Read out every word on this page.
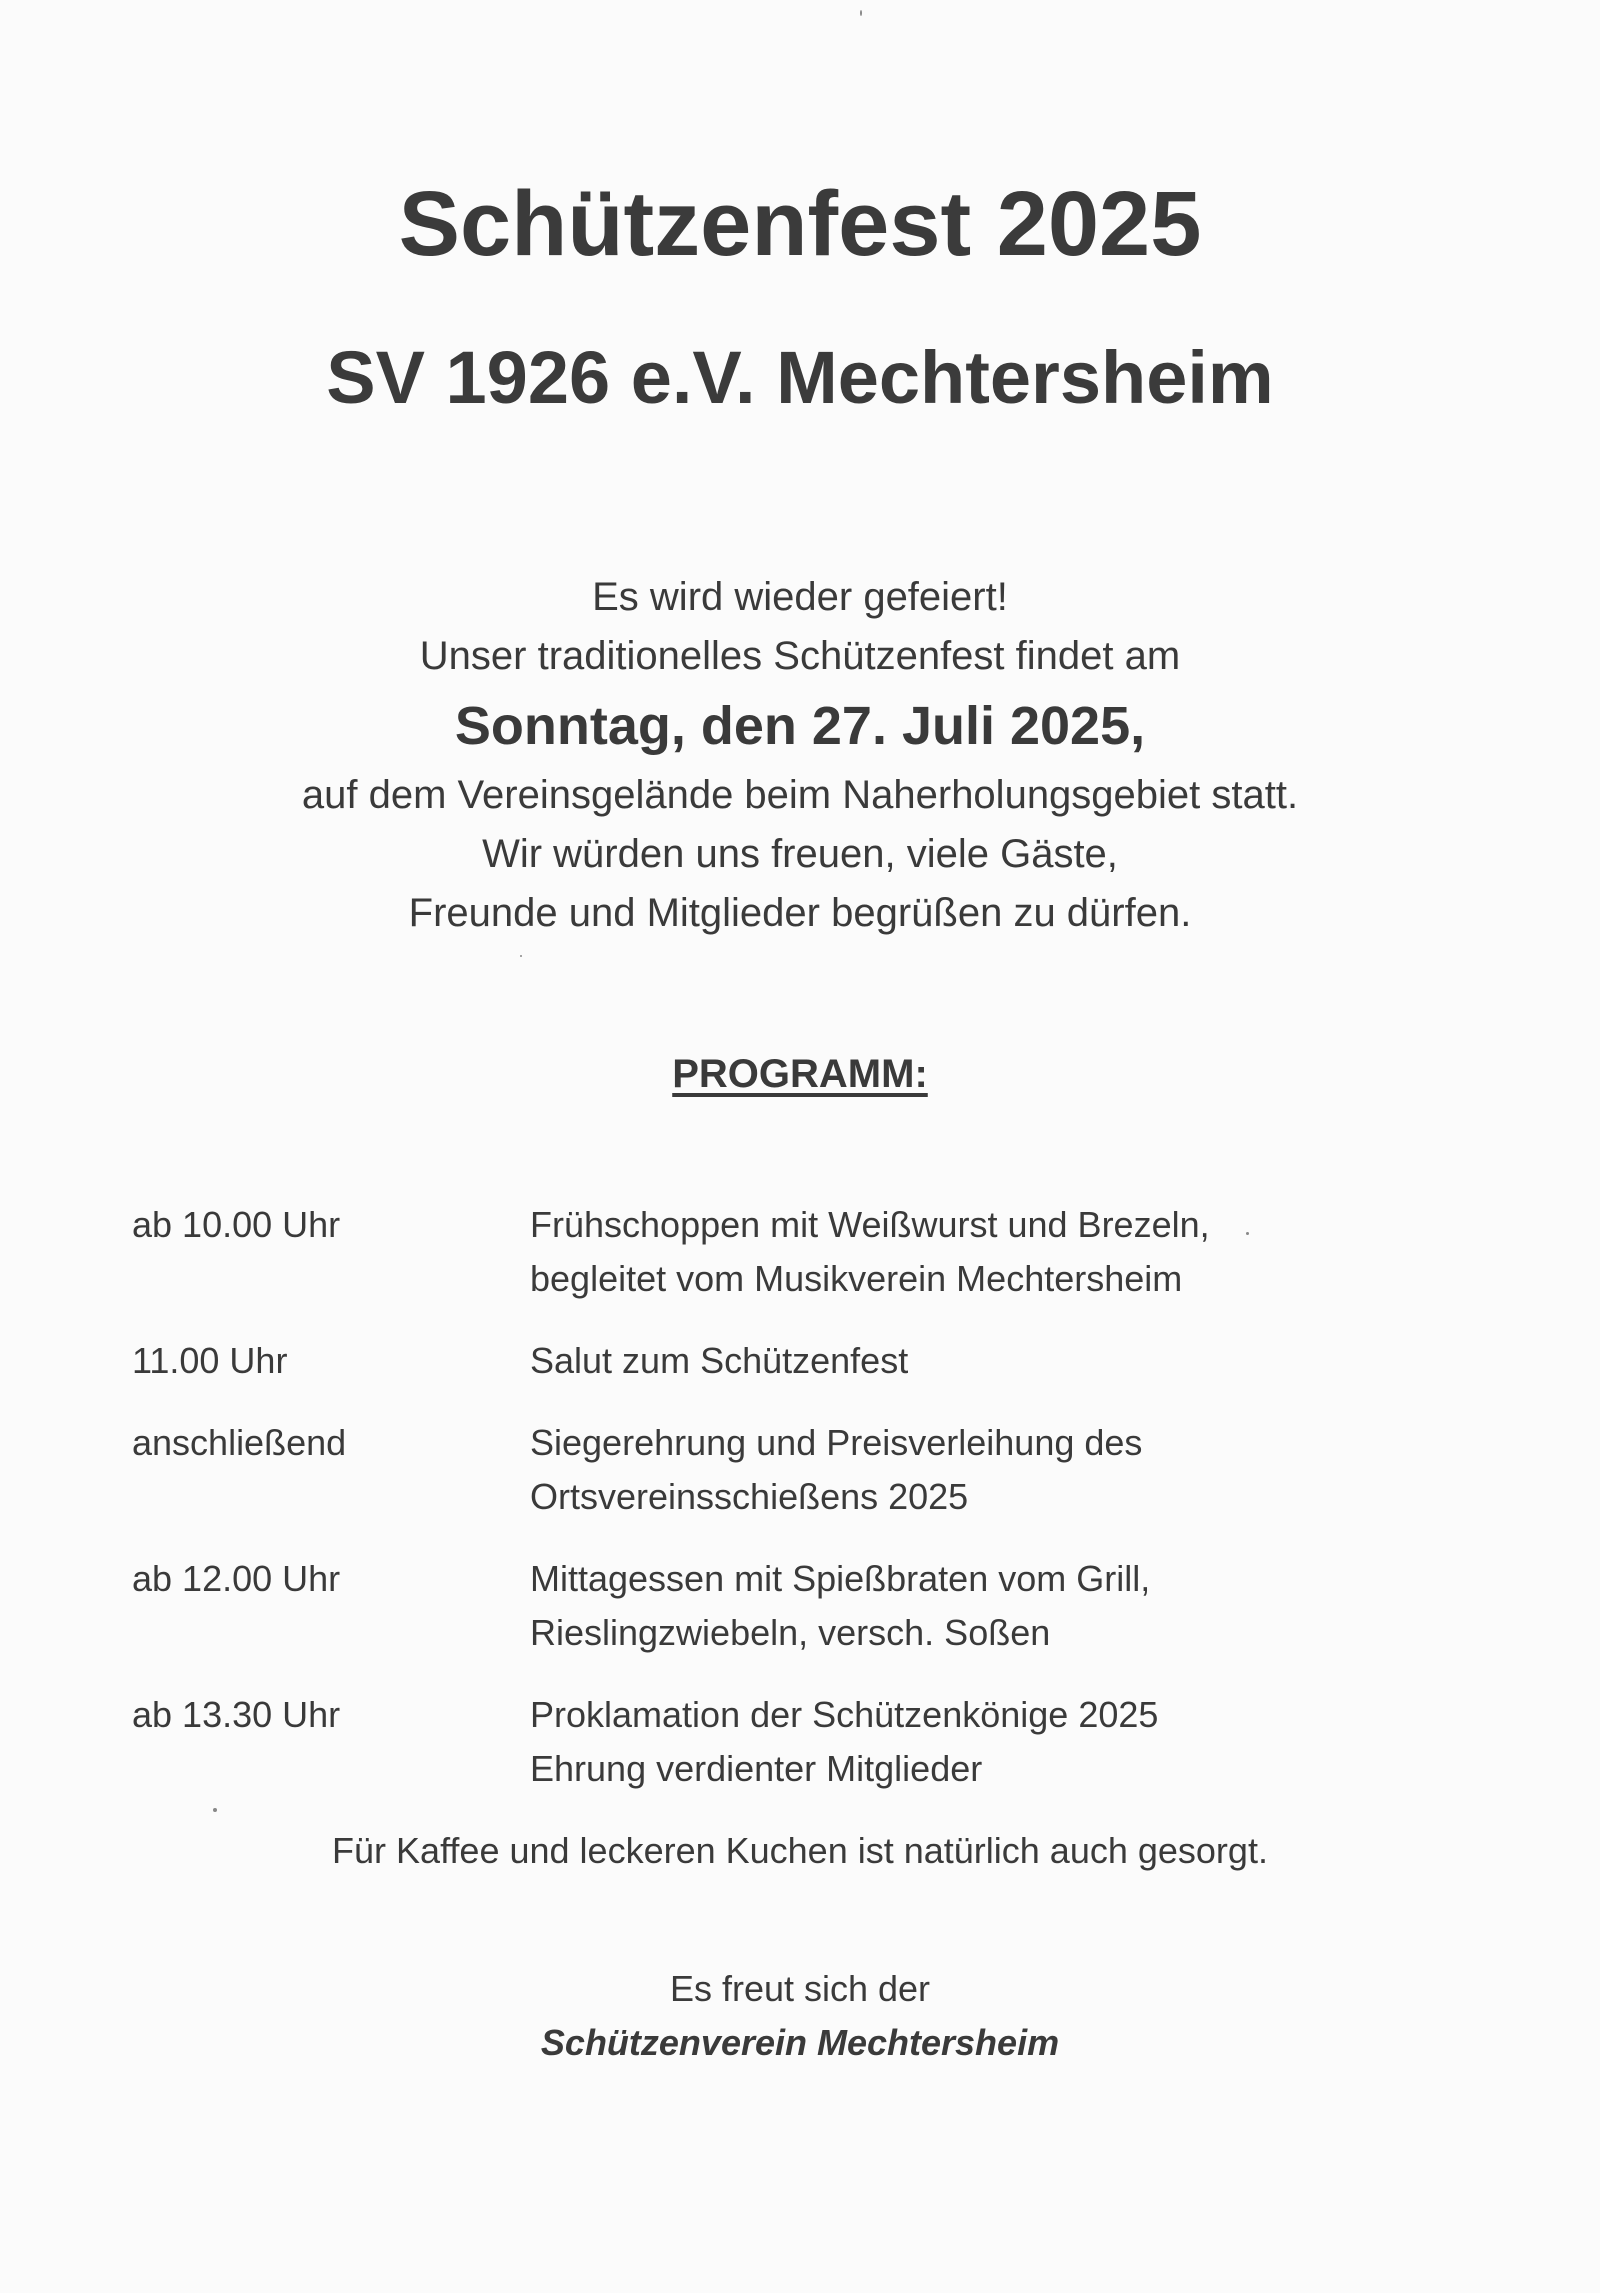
Schützenfest 2025
SV 1926 e.V. Mechtersheim
Es wird wieder gefeiert!
Unser traditionelles Schützenfest findet am
Sonntag, den 27. Juli 2025,
auf dem Vereinsgelände beim Naherholungsgebiet statt.
Wir würden uns freuen, viele Gäste,
Freunde und Mitglieder begrüßen zu dürfen.
PROGRAMM:
ab 10.00 Uhr	Frühschoppen mit Weißwurst und Brezeln,
begleitet vom Musikverein Mechtersheim
11.00 Uhr	Salut zum Schützenfest
anschließend	Siegerehrung und Preisverleihung des
Ortsvereinsschießens 2025
ab 12.00 Uhr	Mittagessen mit Spießbraten vom Grill,
Rieslingzwiebeln, versch. Soßen
ab 13.30 Uhr	Proklamation der Schützenkönige 2025
Ehrung verdienter Mitglieder
Für Kaffee und leckeren Kuchen ist natürlich auch gesorgt.
Es freut sich der
Schützenverein Mechtersheim
